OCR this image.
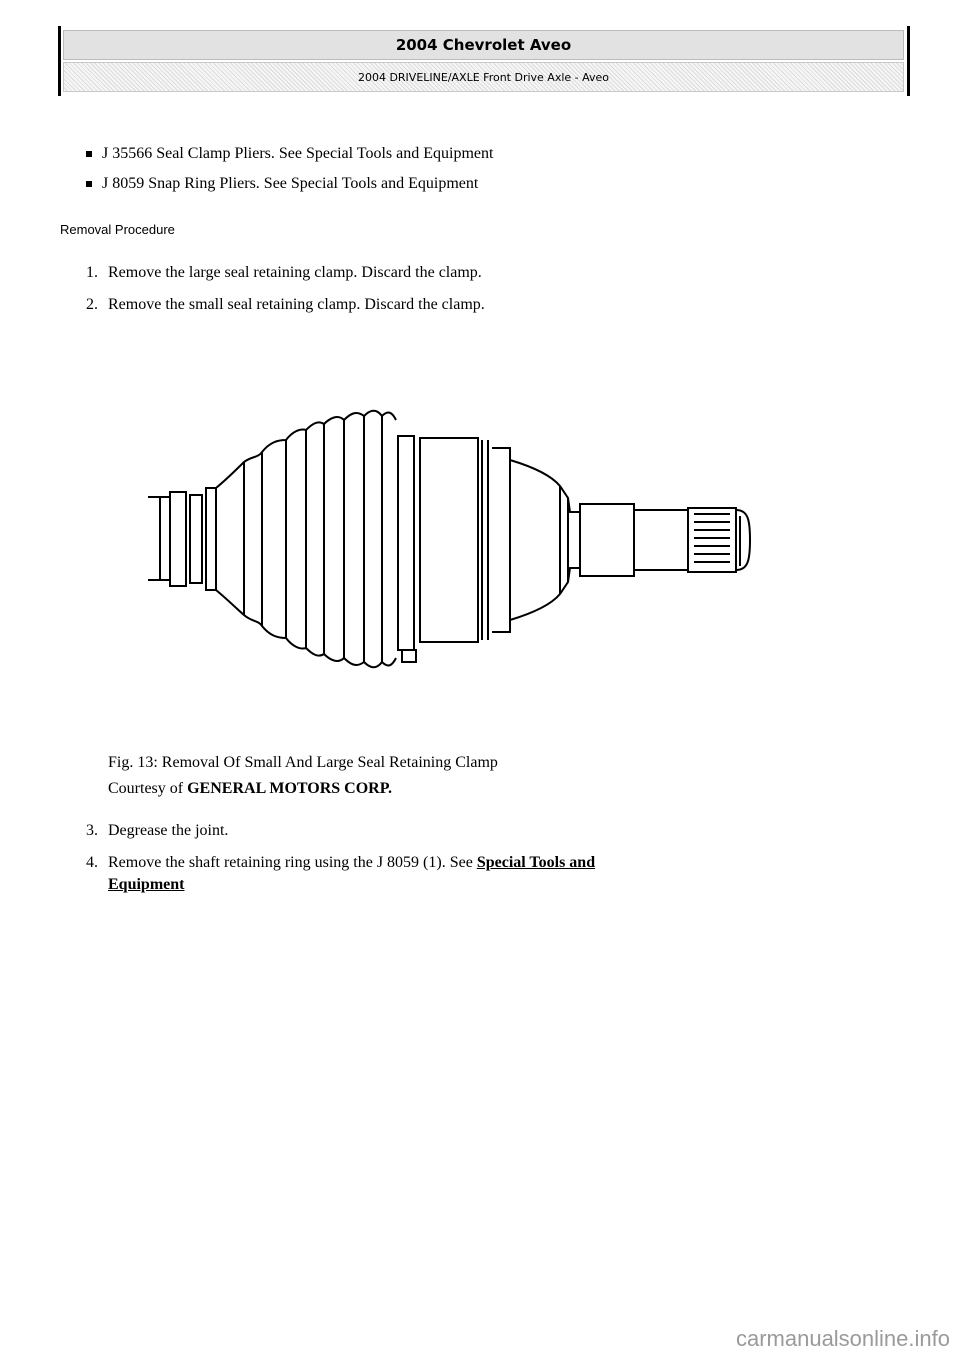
2004 Chevrolet Aveo
2004 DRIVELINE/AXLE Front Drive Axle - Aveo
J 35566 Seal Clamp Pliers. See Special Tools and Equipment
J 8059 Snap Ring Pliers. See Special Tools and Equipment
Removal Procedure
1. Remove the large seal retaining clamp. Discard the clamp.
2. Remove the small seal retaining clamp. Discard the clamp.
Fig. 13: Removal Of Small And Large Seal Retaining Clamp
Courtesy of GENERAL MOTORS CORP.
3. Degrease the joint.
4. Remove the shaft retaining ring using the J 8059 (1). See Special Tools and
Equipment
carmanualsonline.info
